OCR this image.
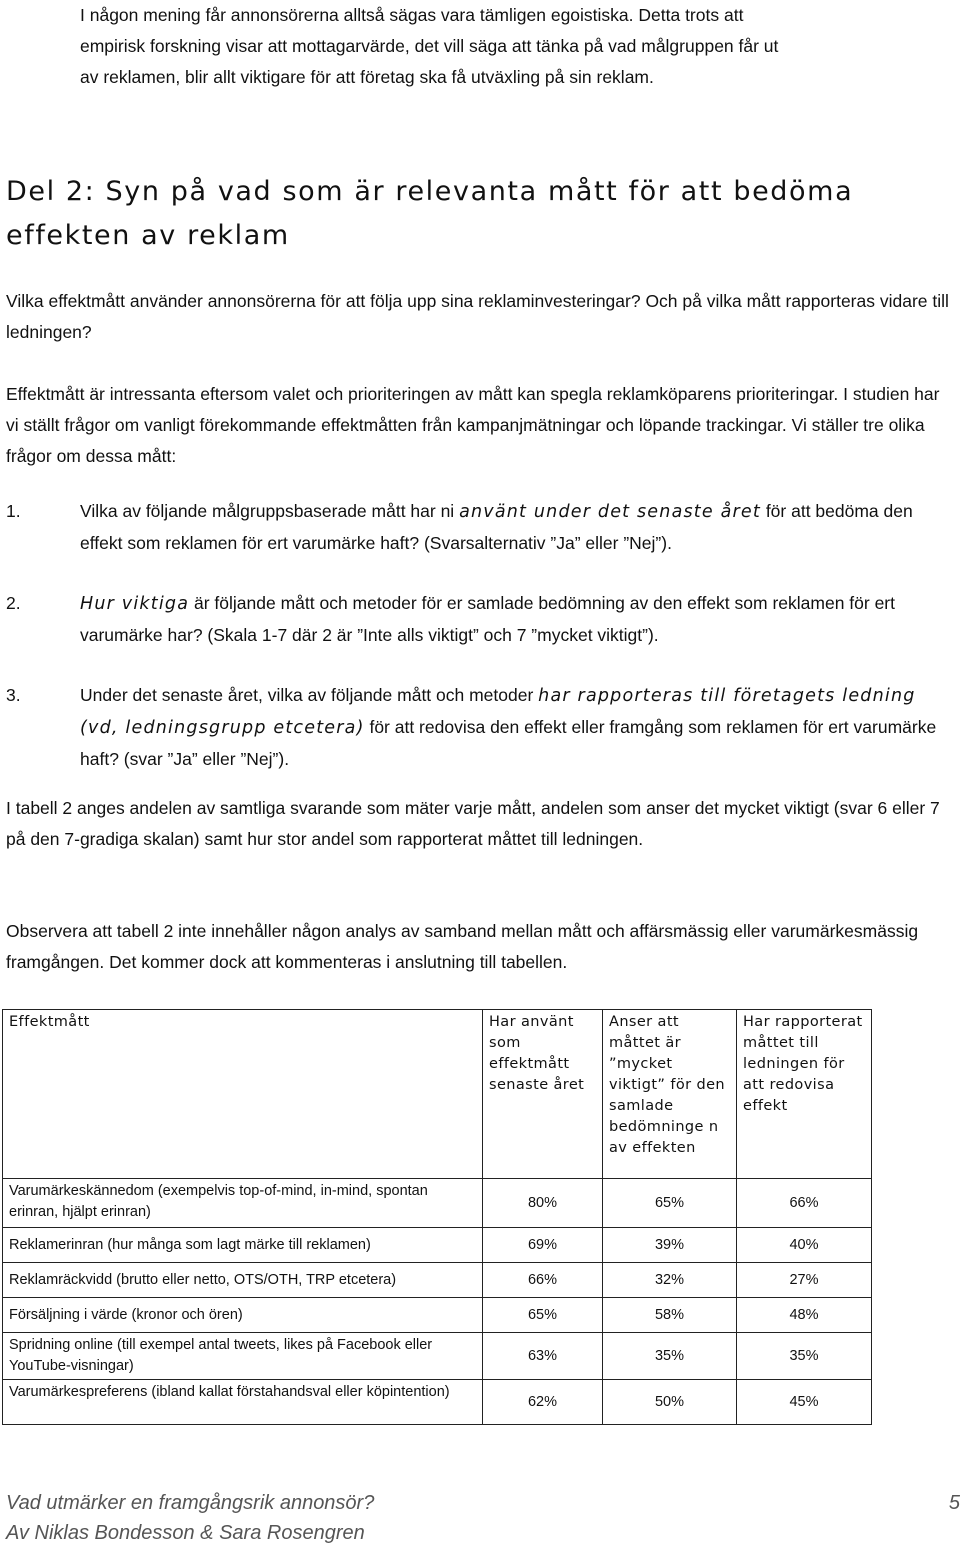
I någon mening får annonsörerna alltså sägas vara tämligen egoistiska. Detta trots att
empirisk forskning visar att mottagarvärde, det vill säga att tänka på vad målgruppen får ut
av reklamen, blir allt viktigare för att företag ska få utväxling på sin reklam.

Del 2: Syn på vad som är relevanta mått för att bedöma
effekten av reklam

Vilka effektmått använder annonsörerna för att följa upp sina reklaminvesteringar? Och på vilka mått rapporteras vidare till ledningen?

Effektmått är intressanta eftersom valet och prioriteringen av mått kan spegla reklamköparens prioriteringar. I studien har vi ställt frågor om vanligt förekommande effektmåtten från kampanjmätningar och löpande trackingar. Vi ställer tre olika frågor om dessa mått:

1.	Vilka av följande målgruppsbaserade mått har ni använt under det senaste året för att bedöma den effekt som reklamen för ert varumärke haft? (Svarsalternativ ”Ja” eller ”Nej”).
2.	Hur viktiga är följande mått och metoder för er samlade bedömning av den effekt som reklamen för ert varumärke har? (Skala 1-7 där 2 är ”Inte alls viktigt” och 7 ”mycket viktigt”).
3.	Under det senaste året, vilka av följande mått och metoder har rapporteras till företagets ledning (vd, ledningsgrupp etcetera) för att redovisa den effekt eller framgång som reklamen för ert varumärke haft? (svar ”Ja” eller ”Nej”).

I tabell 2 anges andelen av samtliga svarande som mäter varje mått, andelen som anser det mycket viktigt (svar 6 eller 7 på den 7-gradiga skalan) samt hur stor andel som rapporterat måttet till ledningen.

Observera att tabell 2 inte innehåller någon analys av samband mellan mått och affärsmässig eller varumärkesmässig framgången. Det kommer dock att kommenteras i anslutning till tabellen.

Effektmått	Har använt som effektmått senaste året	Anser att måttet är ”mycket viktigt” för den samlade bedömninge n av effekten	Har rapporterat måttet till ledningen för att redovisa effekt
Varumärkeskännedom (exempelvis top-of-mind, in-mind, spontan erinran, hjälpt erinran)	80%	65%	66%
Reklamerinran (hur många som lagt märke till reklamen)	69%	39%	40%
Reklamräckvidd (brutto eller netto, OTS/OTH, TRP etcetera)	66%	32%	27%
Försäljning i värde (kronor och ören)	65%	58%	48%
Spridning online (till exempel antal tweets, likes på Facebook eller YouTube-visningar)	63%	35%	35%
Varumärkespreferens (ibland kallat förstahandsval eller köpintention)	62%	50%	45%
Vad utmärker en framgångsrik annonsör?
Av Niklas Bondesson & Sara Rosengren
5
